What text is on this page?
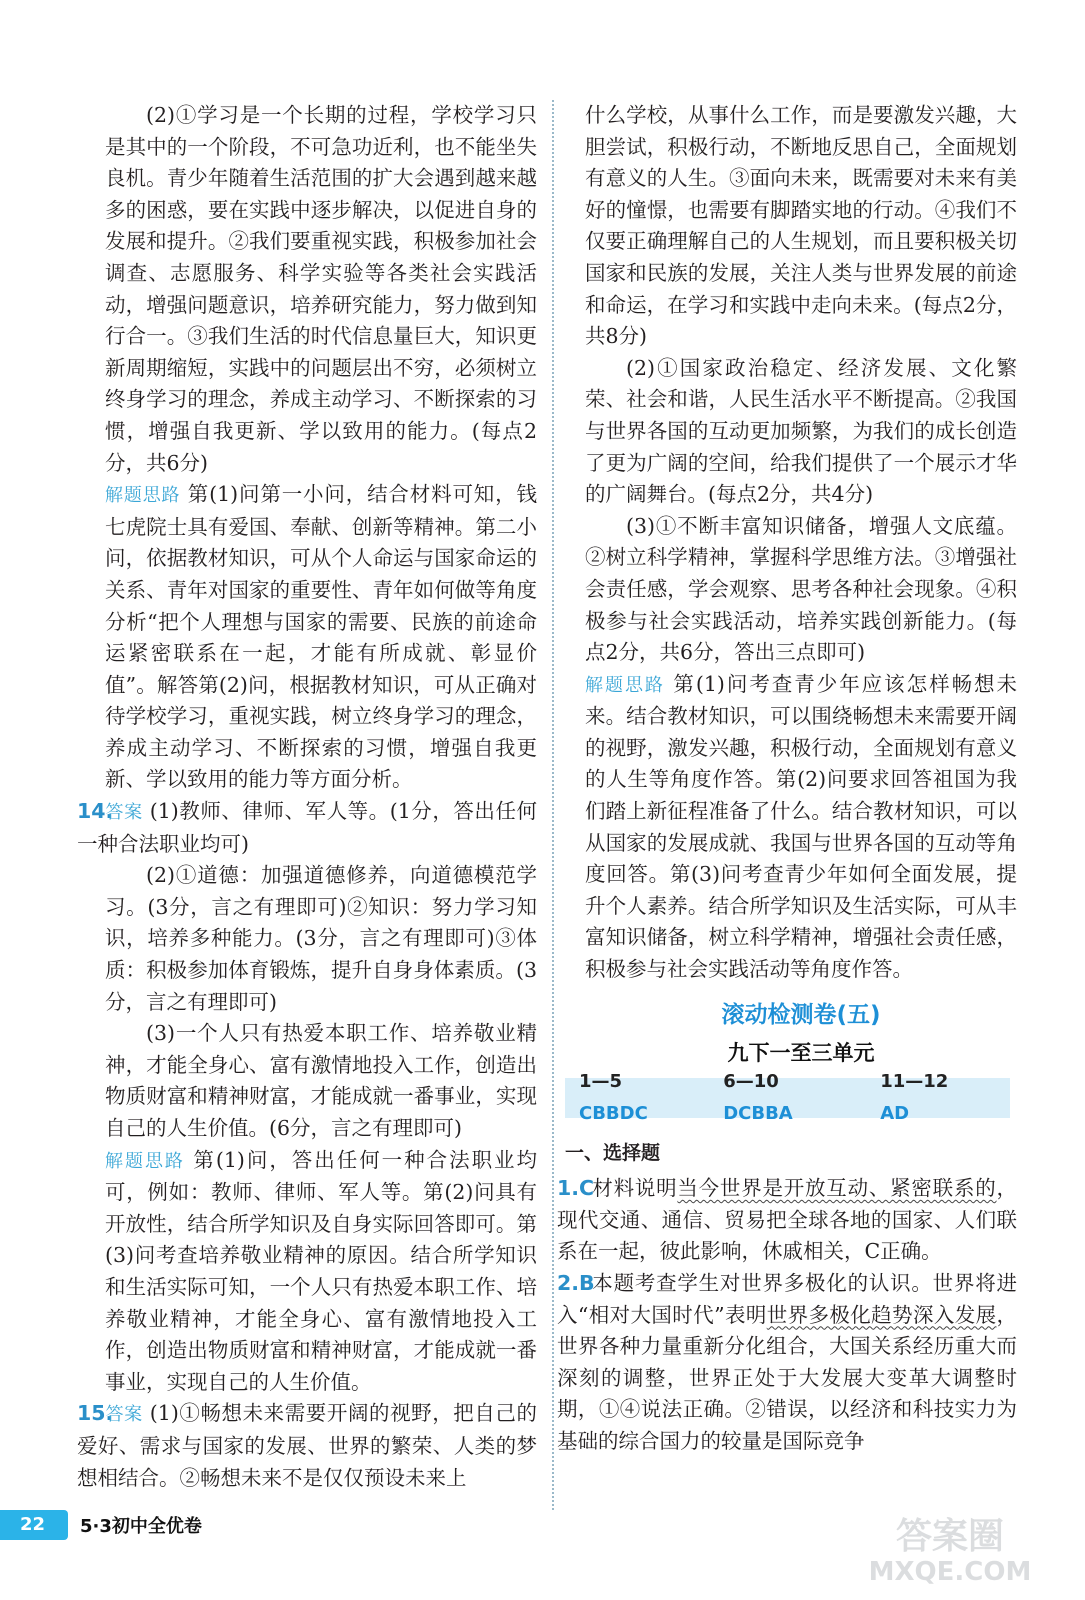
(2)①学习是一个长期的过程，学校学习只是其中的一个阶段，不可急功近利，也不能坐失良机。青少年随着生活范围的扩大会遇到越来越多的困惑，要在实践中逐步解决，以促进自身的发展和提升。②我们要重视实践，积极参加社会调查、志愿服务、科学实验等各类社会实践活动，增强问题意识，培养研究能力，努力做到知行合一。③我们生活的时代信息量巨大，知识更新周期缩短，实践中的问题层出不穷，必须树立终身学习的理念，养成主动学习、不断探索的习惯，增强自我更新、学以致用的能力。(每点2分，共6分)

解题思路 第(1)问第一小问，结合材料可知，钱七虎院士具有爱国、奉献、创新等精神。第二小问，依据教材知识，可从个人命运与国家命运的关系、青年对国家的重要性、青年如何做等角度分析“把个人理想与国家的需要、民族的前途命运紧密联系在一起，才能有所成就、彰显价值”。解答第(2)问，根据教材知识，可从正确对待学校学习，重视实践，树立终身学习的理念，养成主动学习、不断探索的习惯，增强自我更新、学以致用的能力等方面分析。

14.答案 (1)教师、律师、军人等。(1分，答出任何一种合法职业均可)

(2)①道德：加强道德修养，向道德模范学习。(3分，言之有理即可)②知识：努力学习知识，培养多种能力。(3分，言之有理即可)③体质：积极参加体育锻炼，提升自身身体素质。(3分，言之有理即可)

(3)一个人只有热爱本职工作、培养敬业精神，才能全身心、富有激情地投入工作，创造出物质财富和精神财富，才能成就一番事业，实现自己的人生价值。(6分，言之有理即可)

解题思路 第(1)问，答出任何一种合法职业均可，例如：教师、律师、军人等。第(2)问具有开放性，结合所学知识及自身实际回答即可。第(3)问考查培养敬业精神的原因。结合所学知识和生活实际可知，一个人只有热爱本职工作、培养敬业精神，才能全身心、富有激情地投入工作，创造出物质财富和精神财富，才能成就一番事业，实现自己的人生价值。

15.答案 (1)①畅想未来需要开阔的视野，把自己的爱好、需求与国家的发展、世界的繁荣、人类的梦想相结合。②畅想未来不是仅仅预设未来上

什么学校，从事什么工作，而是要激发兴趣，大胆尝试，积极行动，不断地反思自己，全面规划有意义的人生。③面向未来，既需要对未来有美好的憧憬，也需要有脚踏实地的行动。④我们不仅要正确理解自己的人生规划，而且要积极关切国家和民族的发展，关注人类与世界发展的前途和命运，在学习和实践中走向未来。(每点2分，共8分)

(2)①国家政治稳定、经济发展、文化繁荣、社会和谐，人民生活水平不断提高。②我国与世界各国的互动更加频繁，为我们的成长创造了更为广阔的空间，给我们提供了一个展示才华的广阔舞台。(每点2分，共4分)

(3)①不断丰富知识储备，增强人文底蕴。②树立科学精神，掌握科学思维方法。③增强社会责任感，学会观察、思考各种社会现象。④积极参与社会实践活动，培养实践创新能力。(每点2分，共6分，答出三点即可)

解题思路 第(1)问考查青少年应该怎样畅想未来。结合教材知识，可以围绕畅想未来需要开阔的视野，激发兴趣，积极行动，全面规划有意义的人生等角度作答。第(2)问要求回答祖国为我们踏上新征程准备了什么。结合教材知识，可以从国家的发展成就、我国与世界各国的互动等角度回答。第(3)问考查青少年如何全面发展，提升个人素养。结合所学知识及生活实际，可从丰富知识储备，树立科学精神，增强社会责任感，积极参与社会实践活动等角度作答。

滚动检测卷(五)
九下一至三单元
1—5 CBBDC
6—10 DCBBA
11—12 AD
一、选择题

1.C 材料说明当今世界是开放互动、紧密联系的，现代交通、通信、贸易把全球各地的国家、人们联系在一起，彼此影响，休戚相关，C正确。

2.B 本题考查学生对世界多极化的认识。世界将进入“相对大国时代”表明世界多极化趋势深入发展，世界各种力量重新分化组合，大国关系经历重大而深刻的调整，世界正处于大发展大变革大调整时期，①④说法正确。②错误，以经济和科技实力为基础的综合国力的较量是国际竞争

22	5·3初中全优卷	答案圈
MXQE.COM
